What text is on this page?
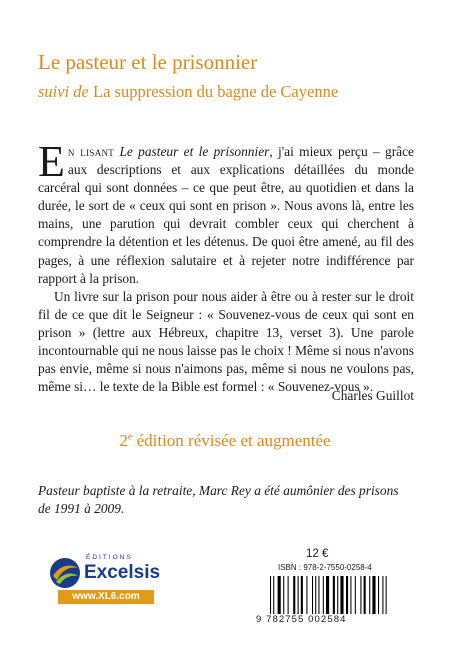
Le pasteur et le prisonnier
suivi de La suppression du bagne de Cayenne

En lisant Le pasteur et le prisonnier, j'ai mieux perçu – grâce aux descriptions et aux explications détaillées du monde carcéral qui sont données – ce que peut être, au quotidien et dans la durée, le sort de « ceux qui sont en prison ». Nous avons là, entre les mains, une parution qui devrait combler ceux qui cherchent à comprendre la détention et les détenus. De quoi être amené, au fil des pages, à une réflexion salutaire et à rejeter notre indifférence par rapport à la prison.

Un livre sur la prison pour nous aider à être ou à rester sur le droit fil de ce que dit le Seigneur : « Souvenez-vous de ceux qui sont en prison » (lettre aux Hébreux, chapitre 13, verset 3). Une parole incontournable qui ne nous laisse pas le choix ! Même si nous n'avons pas envie, même si nous n'aimons pas, même si nous ne voulons pas, même si… le texte de la Bible est formel : « Souvenez-vous ».

Charles Guillot
2e édition révisée et augmentée
Pasteur baptiste à la retraite, Marc Rey a été aumônier des prisons de 1991 à 2009.
ÉDITIONS
Excelsis
www.XL6.com
12 €
ISBN : 978-2-7550-0258-4
9 782755 002584
